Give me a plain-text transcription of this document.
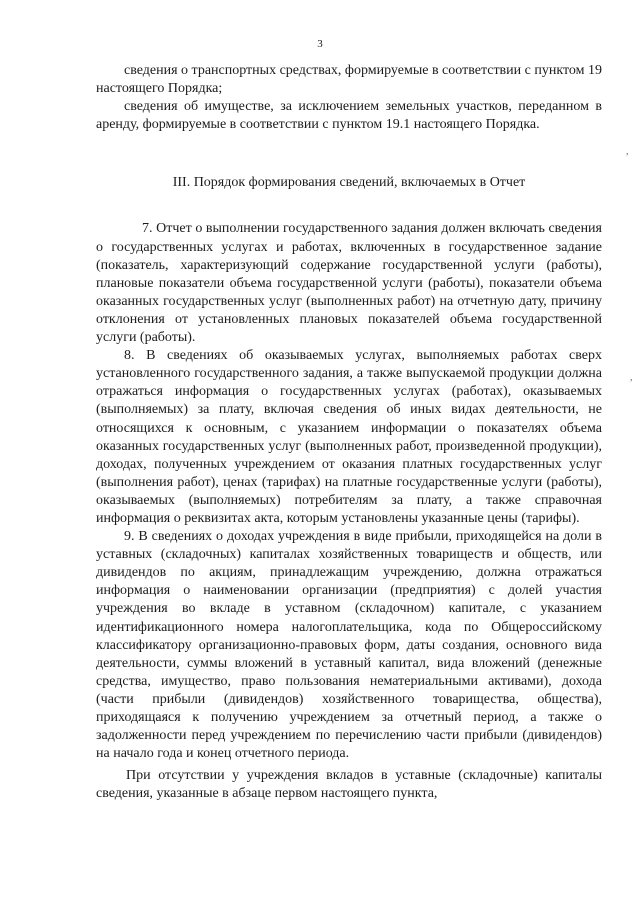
3

сведения о транспортных средствах, формируемые в соответствии с пунктом 19 настоящего Порядка;

сведения об имуществе, за исключением земельных участков, переданном в аренду, формируемые в соответствии с пунктом 19.1 настоящего Порядка.

III. Порядок формирования сведений, включаемых в Отчет

7. Отчет о выполнении государственного задания должен включать сведения о государственных услугах и работах, включенных в государственное задание (показатель, характеризующий содержание государственной услуги (работы), плановые показатели объема государственной услуги (работы), показатели объема оказанных государственных услуг (выполненных работ) на отчетную дату, причину отклонения от установленных плановых показателей объема государственной услуги (работы).

8. В сведениях об оказываемых услугах, выполняемых работах сверх установленного государственного задания, а также выпускаемой продукции должна отражаться информация о государственных услугах (работах), оказываемых (выполняемых) за плату, включая сведения об иных видах деятельности, не относящихся к основным, с указанием информации о показателях объема оказанных государственных услуг (выполненных работ, произведенной продукции), доходах, полученных учреждением от оказания платных государственных услуг (выполнения работ), ценах (тарифах) на платные государственные услуги (работы), оказываемых (выполняемых) потребителям за плату, а также справочная информация о реквизитах акта, которым установлены указанные цены (тарифы).

9. В сведениях о доходах учреждения в виде прибыли, приходящейся на доли в уставных (складочных) капиталах хозяйственных товариществ и обществ, или дивидендов по акциям, принадлежащим учреждению, должна отражаться информация о наименовании организации (предприятия) с долей участия учреждения во вкладе в уставном (складочном) капитале, с указанием идентификационного номера налогоплательщика, кода по Общероссийскому классификатору организационно-правовых форм, даты создания, основного вида деятельности, суммы вложений в уставный капитал, вида вложений (денежные средства, имущество, право пользования нематериальными активами), дохода (части прибыли (дивидендов) хозяйственного товарищества, общества), приходящаяся к получению учреждением за отчетный период, а также о задолженности перед учреждением по перечислению части прибыли (дивидендов) на начало года и конец отчетного периода.

При отсутствии у учреждения вкладов в уставные (складочные) капиталы сведения, указанные в абзаце первом настоящего пункта,

,
,
